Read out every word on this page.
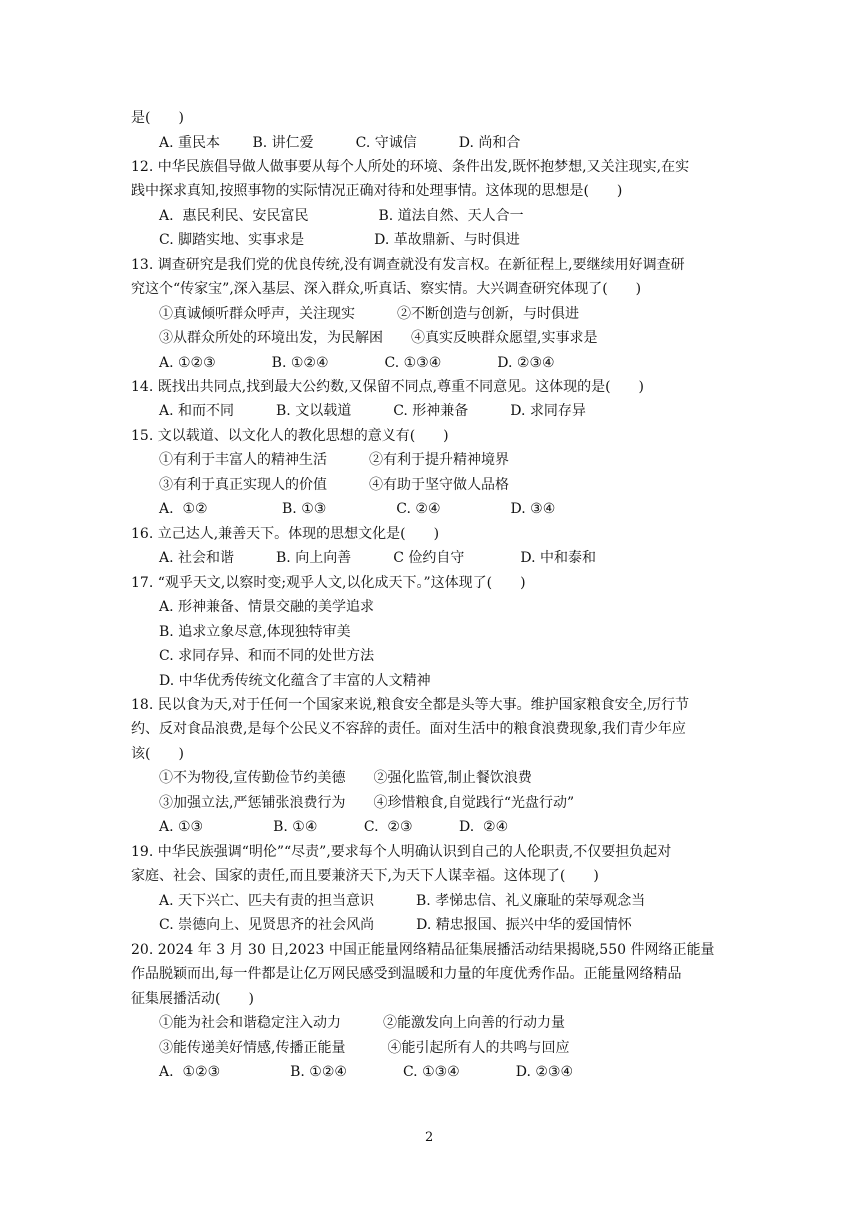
是(　　)
A. 重民本　　 B. 讲仁爱　　　C. 守诚信　　　D. 尚和合
12. 中华民族倡导做人做事要从每个人所处的环境、条件出发,既怀抱梦想,又关注现实,在实
践中探求真知,按照事物的实际情况正确对待和处理事情。这体现的思想是(　　)
A.  惠民利民、安民富民　　　　　B. 道法自然、天人合一
C. 脚踏实地、实事求是　　　　　D. 革故鼎新、与时俱进
13. 调查研究是我们党的优良传统,没有调查就没有发言权。在新征程上,要继续用好调查研
究这个“传家宝”,深入基层、深入群众,听真话、察实情。大兴调查研究体现了(　　)
①真诚倾听群众呼声，关注现实　　　②不断创造与创新，与时俱进
③从群众所处的环境出发，为民解困　　④真实反映群众愿望,实事求是
A. ①②③　　　　B. ①②④　　　　C. ①③④　　　　D. ②③④
14. 既找出共同点,找到最大公约数,又保留不同点,尊重不同意见。这体现的是(　　)
A. 和而不同　　　B. 文以载道　　　C. 形神兼备　　　D. 求同存异
15. 文以载道、以文化人的教化思想的意义有(　　)
①有利于丰富人的精神生活　　　②有利于提升精神境界
③有利于真正实现人的价值　　　④有助于坚守做人品格
A.  ①②　　　　　 B. ①③　　　　　C. ②④　　　　　D. ③④
16. 立己达人,兼善天下。体现的思想文化是(　　)
A. 社会和谐　　　B. 向上向善　　　C 俭约自守　　　　D. 中和泰和
17. “观乎天文,以察时变;观乎人文,以化成天下。”这体现了(　　)
A. 形神兼备、情景交融的美学追求
B. 追求立象尽意,体现独特审美
C. 求同存异、和而不同的处世方法
D. 中华优秀传统文化蕴含了丰富的人文精神
18. 民以食为天,对于任何一个国家来说,粮食安全都是头等大事。维护国家粮食安全,厉行节
约、反对食品浪费,是每个公民义不容辞的责任。面对生活中的粮食浪费现象,我们青少年应
该(　　)
①不为物役,宣传勤俭节约美德　　②强化监管,制止餐饮浪费
③加强立法,严惩铺张浪费行为　　④珍惜粮食,自觉践行“光盘行动”
A. ①③　　　　　B. ①④　　　 C.  ②③　　　 D.  ②④
19. 中华民族强调“明伦”“尽责”,要求每个人明确认识到自己的人伦职责,不仅要担负起对
家庭、社会、国家的责任,而且要兼济天下,为天下人谋幸福。这体现了(　　)
A. 天下兴亡、匹夫有责的担当意识　　　B. 孝悌忠信、礼义廉耻的荣辱观念当
C. 崇德向上、见贤思齐的社会风尚　　　D. 精忠报国、振兴中华的爱国情怀
20. 2024 年 3 月 30 日,2023 中国正能量网络精品征集展播活动结果揭晓,550 件网络正能量
作品脱颖而出,每一件都是让亿万网民感受到温暖和力量的年度优秀作品。正能量网络精品
征集展播活动(　　)
①能为社会和谐稳定注入动力　　　②能激发向上向善的行动力量
③能传递美好情感,传播正能量　　　④能引起所有人的共鸣与回应
A.  ①②③　　　　　B. ①②④　　　　C. ①③④　　　　D. ②③④
2
